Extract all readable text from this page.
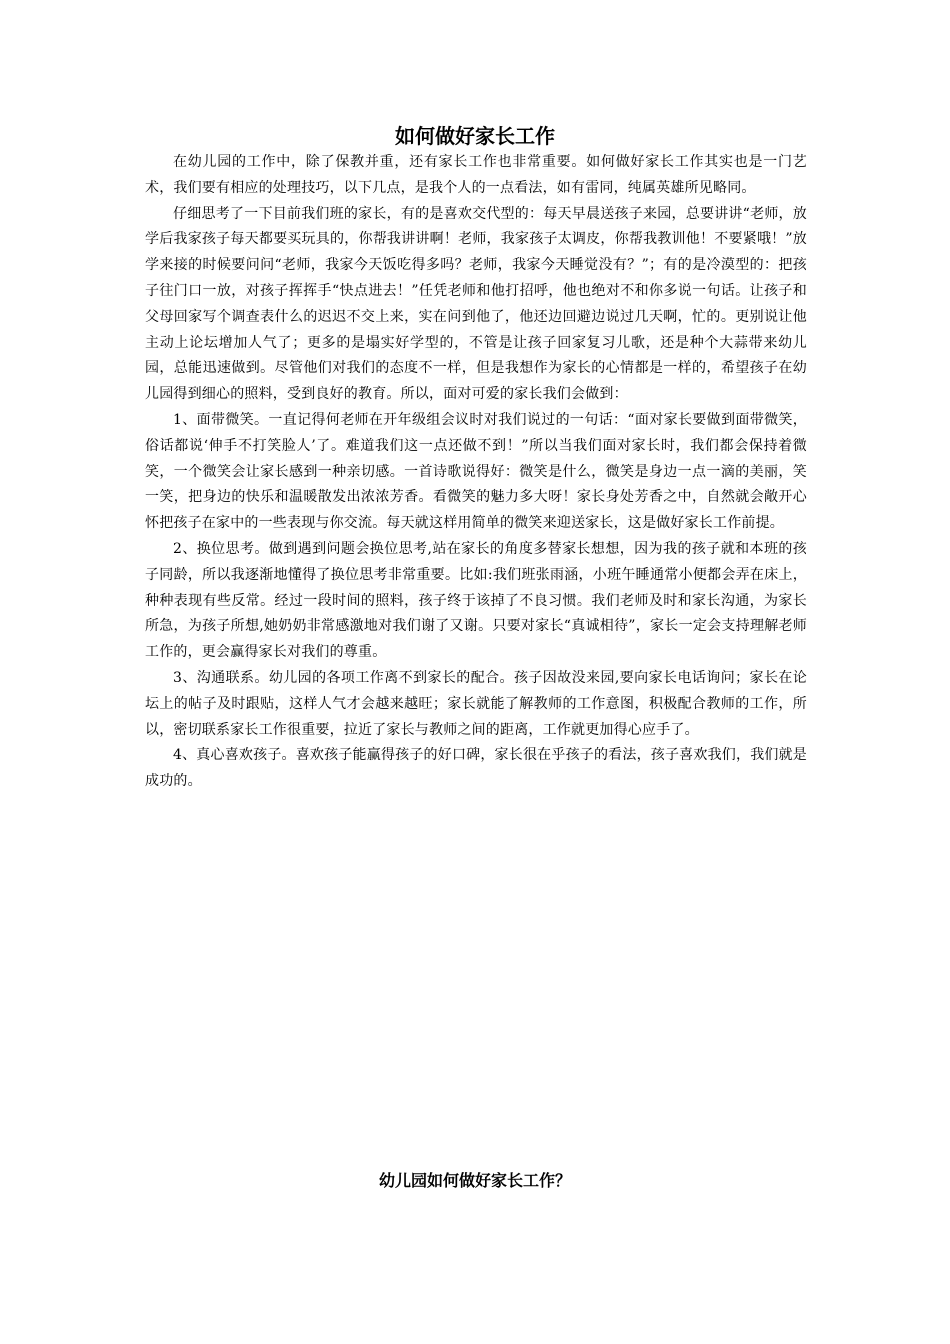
如何做好家长工作

在幼儿园的工作中，除了保教并重，还有家长工作也非常重要。如何做好家长工作其实也是一门艺术，我们要有相应的处理技巧，以下几点，是我个人的一点看法，如有雷同，纯属英雄所见略同。

仔细思考了一下目前我们班的家长，有的是喜欢交代型的：每天早晨送孩子来园，总要讲讲“老师，放学后我家孩子每天都要买玩具的，你帮我讲讲啊！老师，我家孩子太调皮，你帮我教训他！不要紧哦！”放学来接的时候要问问“老师，我家今天饭吃得多吗？老师，我家今天睡觉没有？”；有的是冷漠型的：把孩子往门口一放，对孩子挥挥手“快点进去！”任凭老师和他打招呼，他也绝对不和你多说一句话。让孩子和父母回家写个调查表什么的迟迟不交上来，实在问到他了，他还边回避边说过几天啊，忙的。更别说让他主动上论坛增加人气了；更多的是塌实好学型的，不管是让孩子回家复习儿歌，还是种个大蒜带来幼儿园，总能迅速做到。尽管他们对我们的态度不一样，但是我想作为家长的心情都是一样的，希望孩子在幼儿园得到细心的照料，受到良好的教育。所以，面对可爱的家长我们会做到：

1、面带微笑。一直记得何老师在开年级组会议时对我们说过的一句话：“面对家长要做到面带微笑，俗话都说‘伸手不打笑脸人’了。难道我们这一点还做不到！”所以当我们面对家长时，我们都会保持着微笑，一个微笑会让家长感到一种亲切感。一首诗歌说得好：微笑是什么，微笑是身边一点一滴的美丽，笑一笑，把身边的快乐和温暖散发出浓浓芳香。看微笑的魅力多大呀！家长身处芳香之中，自然就会敞开心怀把孩子在家中的一些表现与你交流。每天就这样用简单的微笑来迎送家长，这是做好家长工作前提。

2、换位思考。做到遇到问题会换位思考,站在家长的角度多替家长想想，因为我的孩子就和本班的孩子同龄，所以我逐渐地懂得了换位思考非常重要。比如:我们班张雨涵，小班午睡通常小便都会弄在床上，种种表现有些反常。经过一段时间的照料，孩子终于该掉了不良习惯。我们老师及时和家长沟通，为家长所急，为孩子所想,她奶奶非常感激地对我们谢了又谢。只要对家长“真诚相待”，家长一定会支持理解老师工作的，更会赢得家长对我们的尊重。

3、沟通联系。幼儿园的各项工作离不到家长的配合。孩子因故没来园,要向家长电话询问；家长在论坛上的帖子及时跟贴，这样人气才会越来越旺；家长就能了解教师的工作意图，积极配合教师的工作，所以，密切联系家长工作很重要，拉近了家长与教师之间的距离，工作就更加得心应手了。

4、真心喜欢孩子。喜欢孩子能赢得孩子的好口碑，家长很在乎孩子的看法，孩子喜欢我们，我们就是成功的。

幼儿园如何做好家长工作？
